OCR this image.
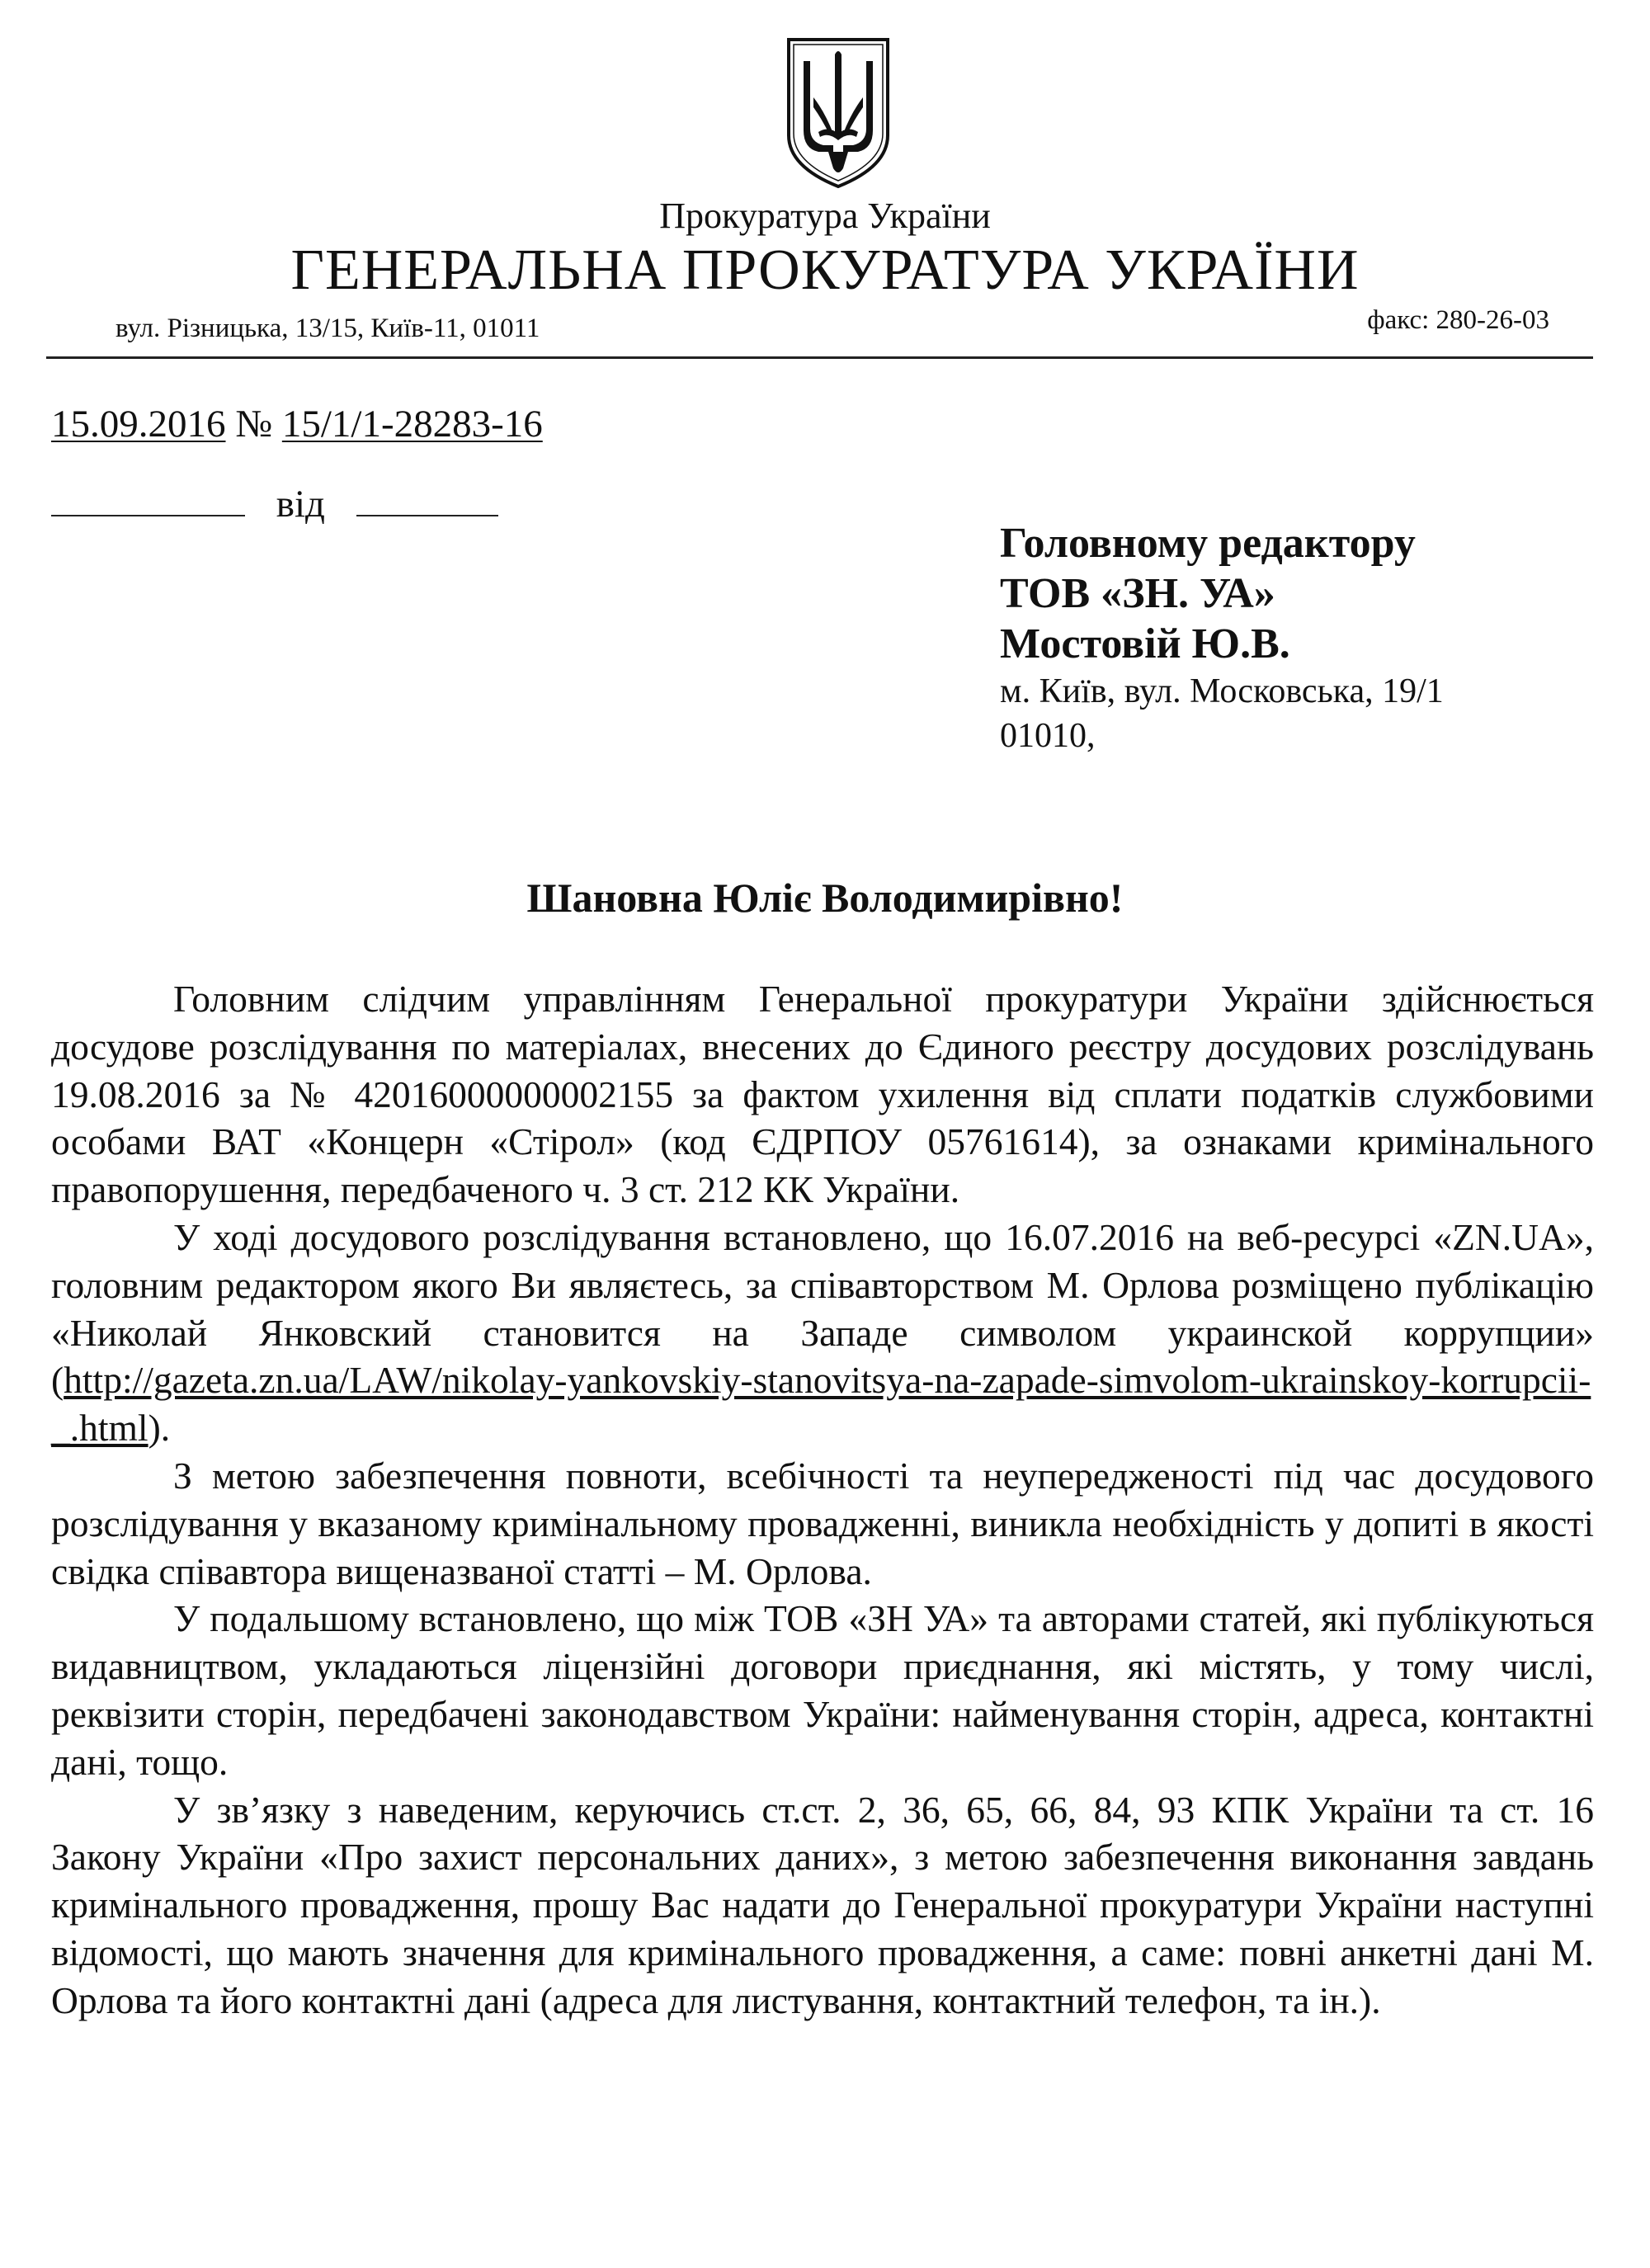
Прокуратура України
ГЕНЕРАЛЬНА ПРОКУРАТУРА УКРАЇНИ
вул. Різницька, 13/15, Київ-11, 01011	факс: 280-26-03
15.09.2016 № 15/1/1-28283-16
від
Головному редактору
ТОВ «ЗН. УА»
Мостовій Ю.В.
м. Київ, вул. Московська, 19/1
01010,
Шановна Юліє Володимирівно!

Головним слідчим управлінням Генеральної прокуратури України здійснюється досудове розслідування по матеріалах, внесених до Єдиного реєстру досудових розслідувань 19.08.2016 за № 42016000000002155 за фактом ухилення від сплати податків службовими особами ВАТ «Концерн «Стірол» (код ЄДРПОУ 05761614), за ознаками кримінального правопорушення, передбаченого ч. 3 ст. 212 КК України.

У ході досудового розслідування встановлено, що 16.07.2016 на веб-ресурсі «ZN.UA», головним редактором якого Ви являєтесь, за співавторством М. Орлова розміщено публікацію «Николай Янковский становится на Западе символом украинской коррупции» (http://gazeta.zn.ua/LAW/nikolay-yankovskiy-stanovitsya-na-zapade-simvolom-ukrainskoy-korrupcii-_.html).

З метою забезпечення повноти, всебічності та неупередженості під час досудового розслідування у вказаному кримінальному провадженні, виникла необхідність у допиті в якості свідка співавтора вищеназваної статті – М. Орлова.

У подальшому встановлено, що між ТОВ «ЗН УА» та авторами статей, які публікуються видавництвом, укладаються ліцензійні договори приєднання, які містять, у тому числі, реквізити сторін, передбачені законодавством України: найменування сторін, адреса, контактні дані, тощо.

У зв’язку з наведеним, керуючись ст.ст. 2, 36, 65, 66, 84, 93 КПК України та ст. 16 Закону України «Про захист персональних даних», з метою забезпечення виконання завдань кримінального провадження, прошу Вас надати до Генеральної прокуратури України наступні відомості, що мають значення для кримінального провадження, а саме: повні анкетні дані М. Орлова та його контактні дані (адреса для листування, контактний телефон, та ін.).
